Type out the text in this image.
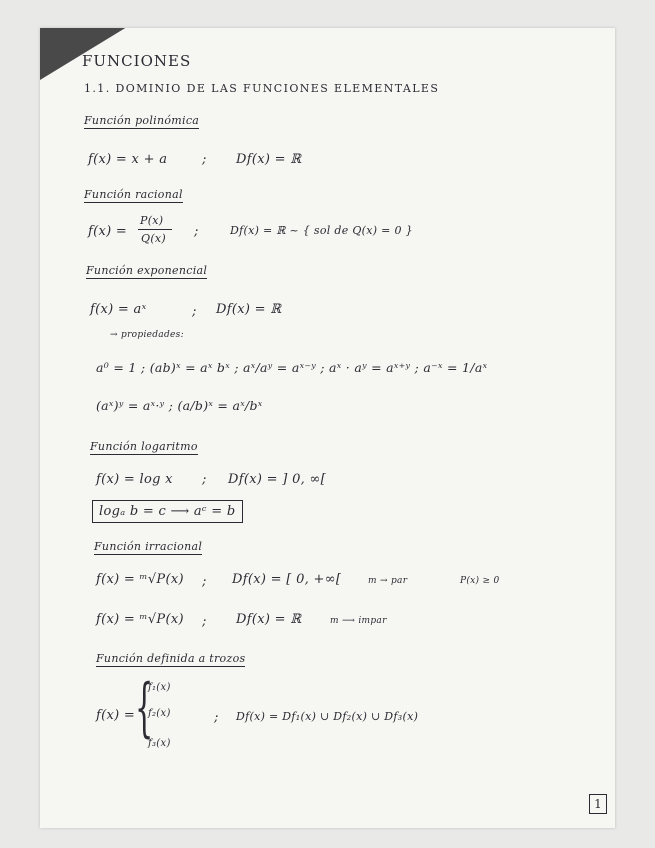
FUNCIONES
1.1. DOMINIO DE LAS FUNCIONES ELEMENTALES
Función polinómica
f(x) = x + a	; Df(x) = ℝ
Función racional
f(x) =
P(x)
Q(x) ;	Df(x) = ℝ ~ { sol de Q(x) = 0 }
Función exponencial
f(x) = aˣ	; Df(x) = ℝ
→ propiedades:
a⁰ = 1 ; (ab)ˣ = aˣ bˣ ; aˣ/aʸ = aˣ⁻ʸ ; aˣ · aʸ = aˣ⁺ʸ ; a⁻ˣ = 1/aˣ
(aˣ)ʸ = aˣ·ʸ ; (a/b)ˣ = aˣ/bˣ
Función logaritmo
f(x) = log x ; Df(x) = ] 0, ∞[
logₐ b = c ⟶ aᶜ = b
Función irracional
f(x) = ᵐ√P(x) ; Df(x) = [ 0, +∞[	m → par	P(x) ≥ 0
f(x) = ᵐ√P(x) ; Df(x) = ℝ	m ⟶ impar
Función definida a trozos
f(x) = {
f₁(x)
f₂(x)
f₃(x)
; Df(x) = Df₁(x) ∪ Df₂(x) ∪ Df₃(x)
1
